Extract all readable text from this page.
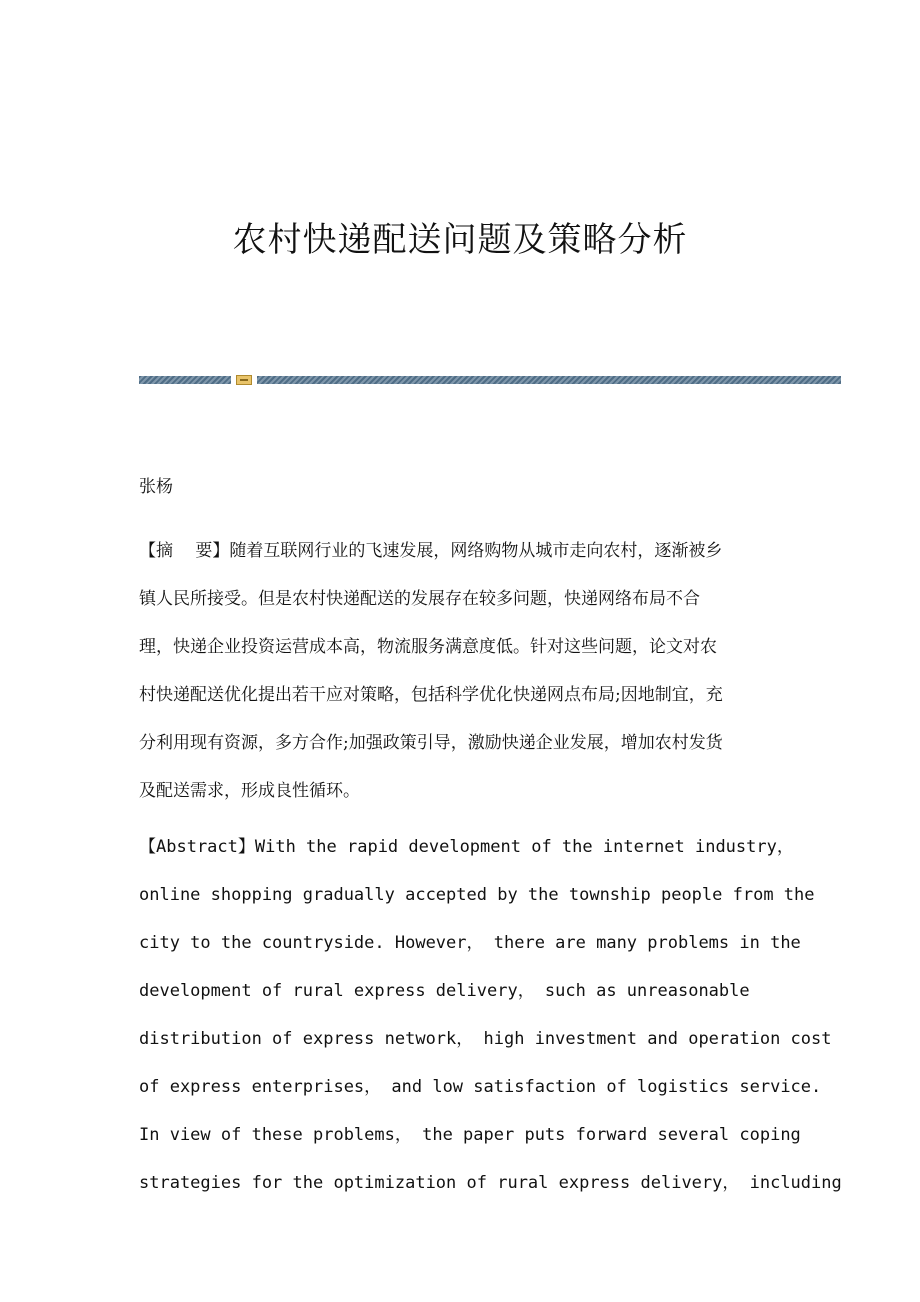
农村快递配送问题及策略分析

张杨

【摘　 要】随着互联网行业的飞速发展，网络购物从城市走向农村，逐渐被乡
镇人民所接受。但是农村快递配送的发展存在较多问题，快递网络布局不合
理，快递企业投资运营成本高，物流服务满意度低。针对这些问题，论文对农
村快递配送优化提出若干应对策略，包括科学优化快递网点布局;因地制宜，充
分利用现有资源，多方合作;加强政策引导，激励快递企业发展，增加农村发货
及配送需求，形成良性循环。

【Abstract】With the rapid development of the internet industry，
online shopping gradually accepted by the township people from the
city to the countryside. However， there are many problems in the
development of rural express delivery， such as unreasonable
distribution of express network， high investment and operation cost
of express enterprises， and low satisfaction of logistics service.
In view of these problems， the paper puts forward several coping
strategies for the optimization of rural express delivery， including
